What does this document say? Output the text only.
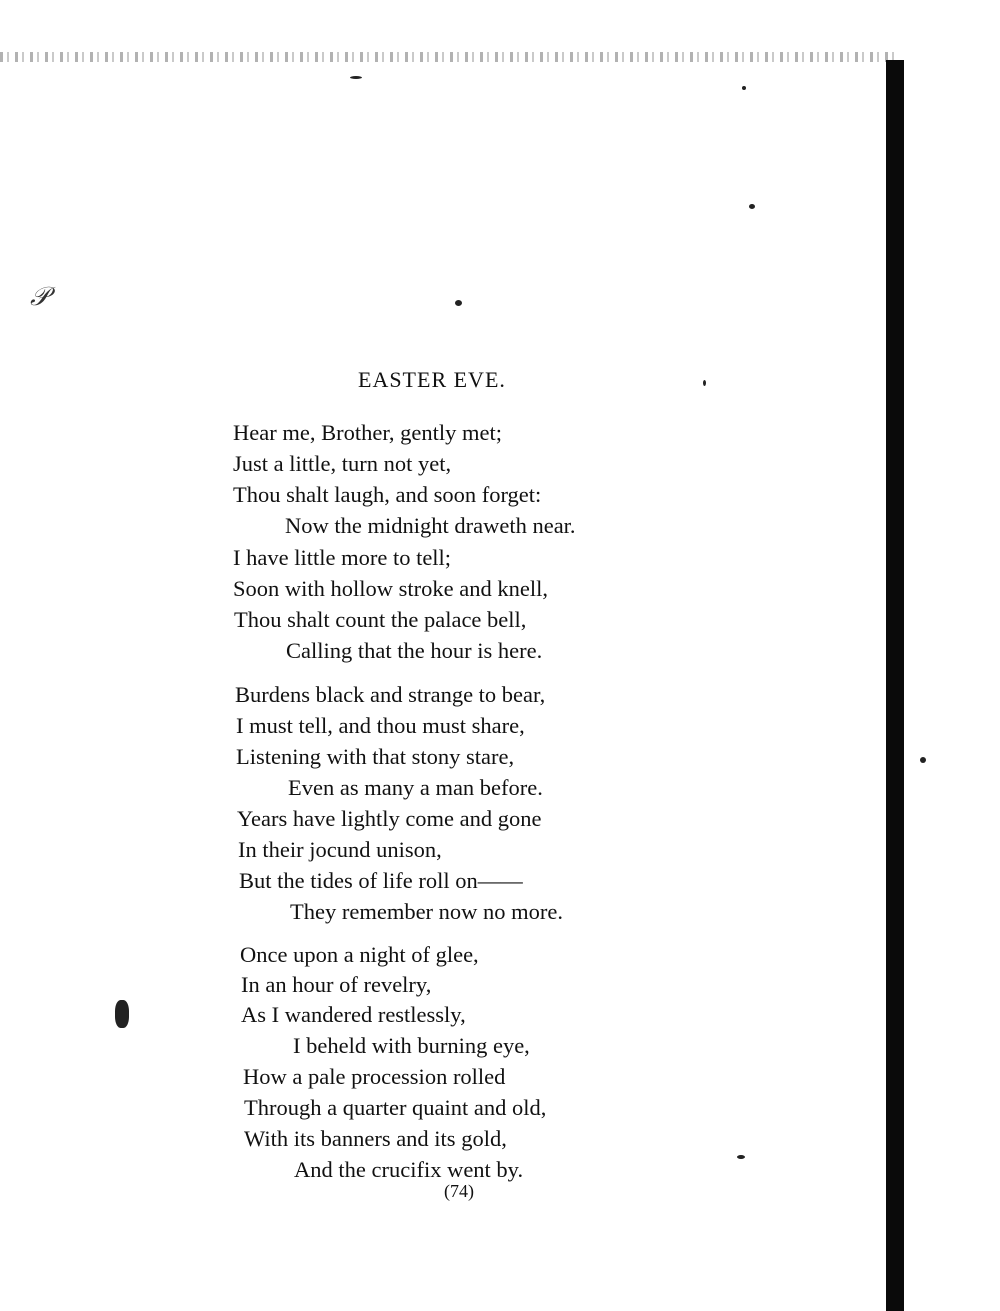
𝒫
EASTER EVE.

Hear me, Brother, gently met;

Just a little, turn not yet,

Thou shalt laugh, and soon forget:

Now the midnight draweth near.

I have little more to tell;

Soon with hollow stroke and knell,

Thou shalt count the palace bell,

Calling that the hour is here.

Burdens black and strange to bear,

I must tell, and thou must share,

Listening with that stony stare,

Even as many a man before.

Years have lightly come and gone

In their jocund unison,

But the tides of life roll on——

They remember now no more.

Once upon a night of glee,

In an hour of revelry,

As I wandered restlessly,

I beheld with burning eye,

How a pale procession rolled

Through a quarter quaint and old,

With its banners and its gold,

And the crucifix went by.

(74)
